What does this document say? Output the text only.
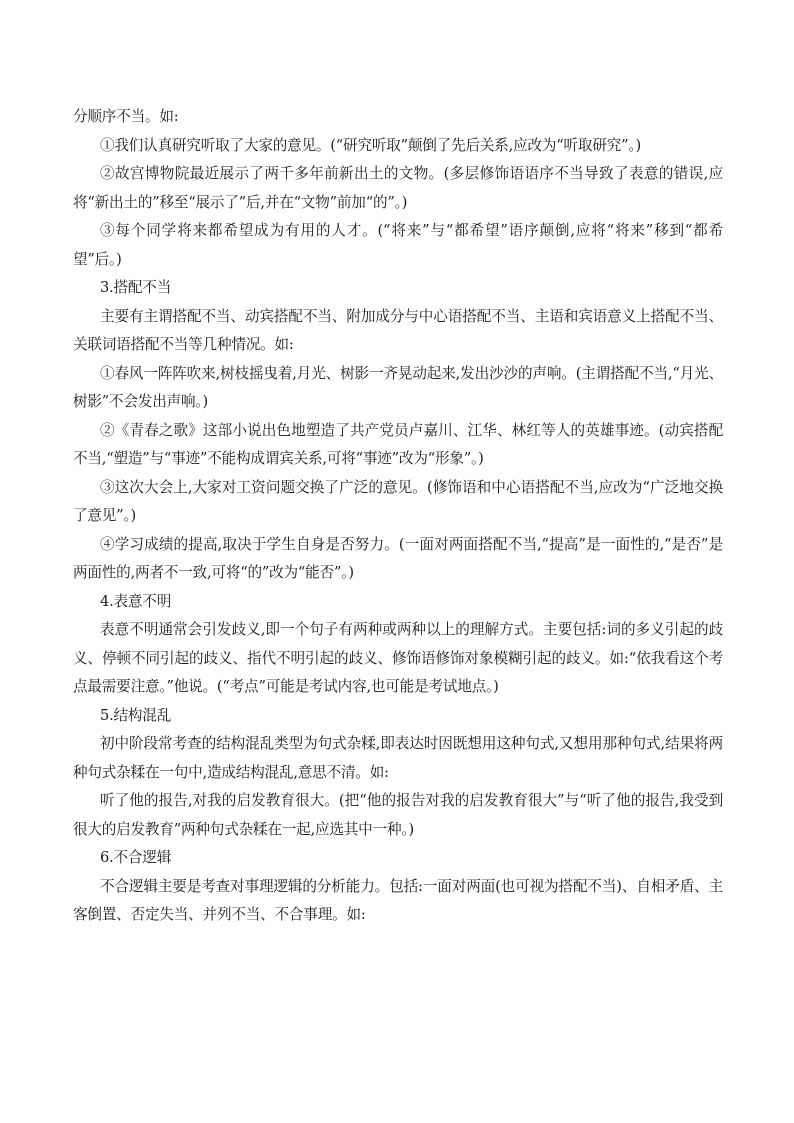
分顺序不当。如:

①我们认真研究听取了大家的意见。(“研究听取”颠倒了先后关系,应改为“听取研究”。)

②故宫博物院最近展示了两千多年前新出土的文物。(多层修饰语语序不当导致了表意的错误,应将“新出土的”移至“展示了”后,并在“文物”前加“的”。)

③每个同学将来都希望成为有用的人才。(“将来”与“都希望”语序颠倒,应将“将来”移到“都希望”后。)

3.搭配不当

主要有主谓搭配不当、动宾搭配不当、附加成分与中心语搭配不当、主语和宾语意义上搭配不当、关联词语搭配不当等几种情况。如:

①春风一阵阵吹来,树枝摇曳着,月光、树影一齐晃动起来,发出沙沙的声响。(主谓搭配不当,“月光、树影”不会发出声响。)

②《青春之歌》这部小说出色地塑造了共产党员卢嘉川、江华、林红等人的英雄事迹。(动宾搭配不当,“塑造”与“事迹”不能构成谓宾关系,可将“事迹”改为“形象”。)

③这次大会上,大家对工资问题交换了广泛的意见。(修饰语和中心语搭配不当,应改为“广泛地交换了意见”。)

④学习成绩的提高,取决于学生自身是否努力。(一面对两面搭配不当,“提高”是一面性的,“是否”是两面性的,两者不一致,可将“的”改为“能否”。)

4.表意不明

表意不明通常会引发歧义,即一个句子有两种或两种以上的理解方式。主要包括:词的多义引起的歧义、停顿不同引起的歧义、指代不明引起的歧义、修饰语修饰对象模糊引起的歧义。如:“依我看这个考点最需要注意。”他说。(“考点”可能是考试内容,也可能是考试地点。)

5.结构混乱

初中阶段常考查的结构混乱类型为句式杂糅,即表达时因既想用这种句式,又想用那种句式,结果将两种句式杂糅在一句中,造成结构混乱,意思不清。如:

听了他的报告,对我的启发教育很大。(把“他的报告对我的启发教育很大”与“听了他的报告,我受到很大的启发教育”两种句式杂糅在一起,应选其中一种。)

6.不合逻辑

不合逻辑主要是考查对事理逻辑的分析能力。包括:一面对两面(也可视为搭配不当)、自相矛盾、主客倒置、否定失当、并列不当、不合事理。如:
